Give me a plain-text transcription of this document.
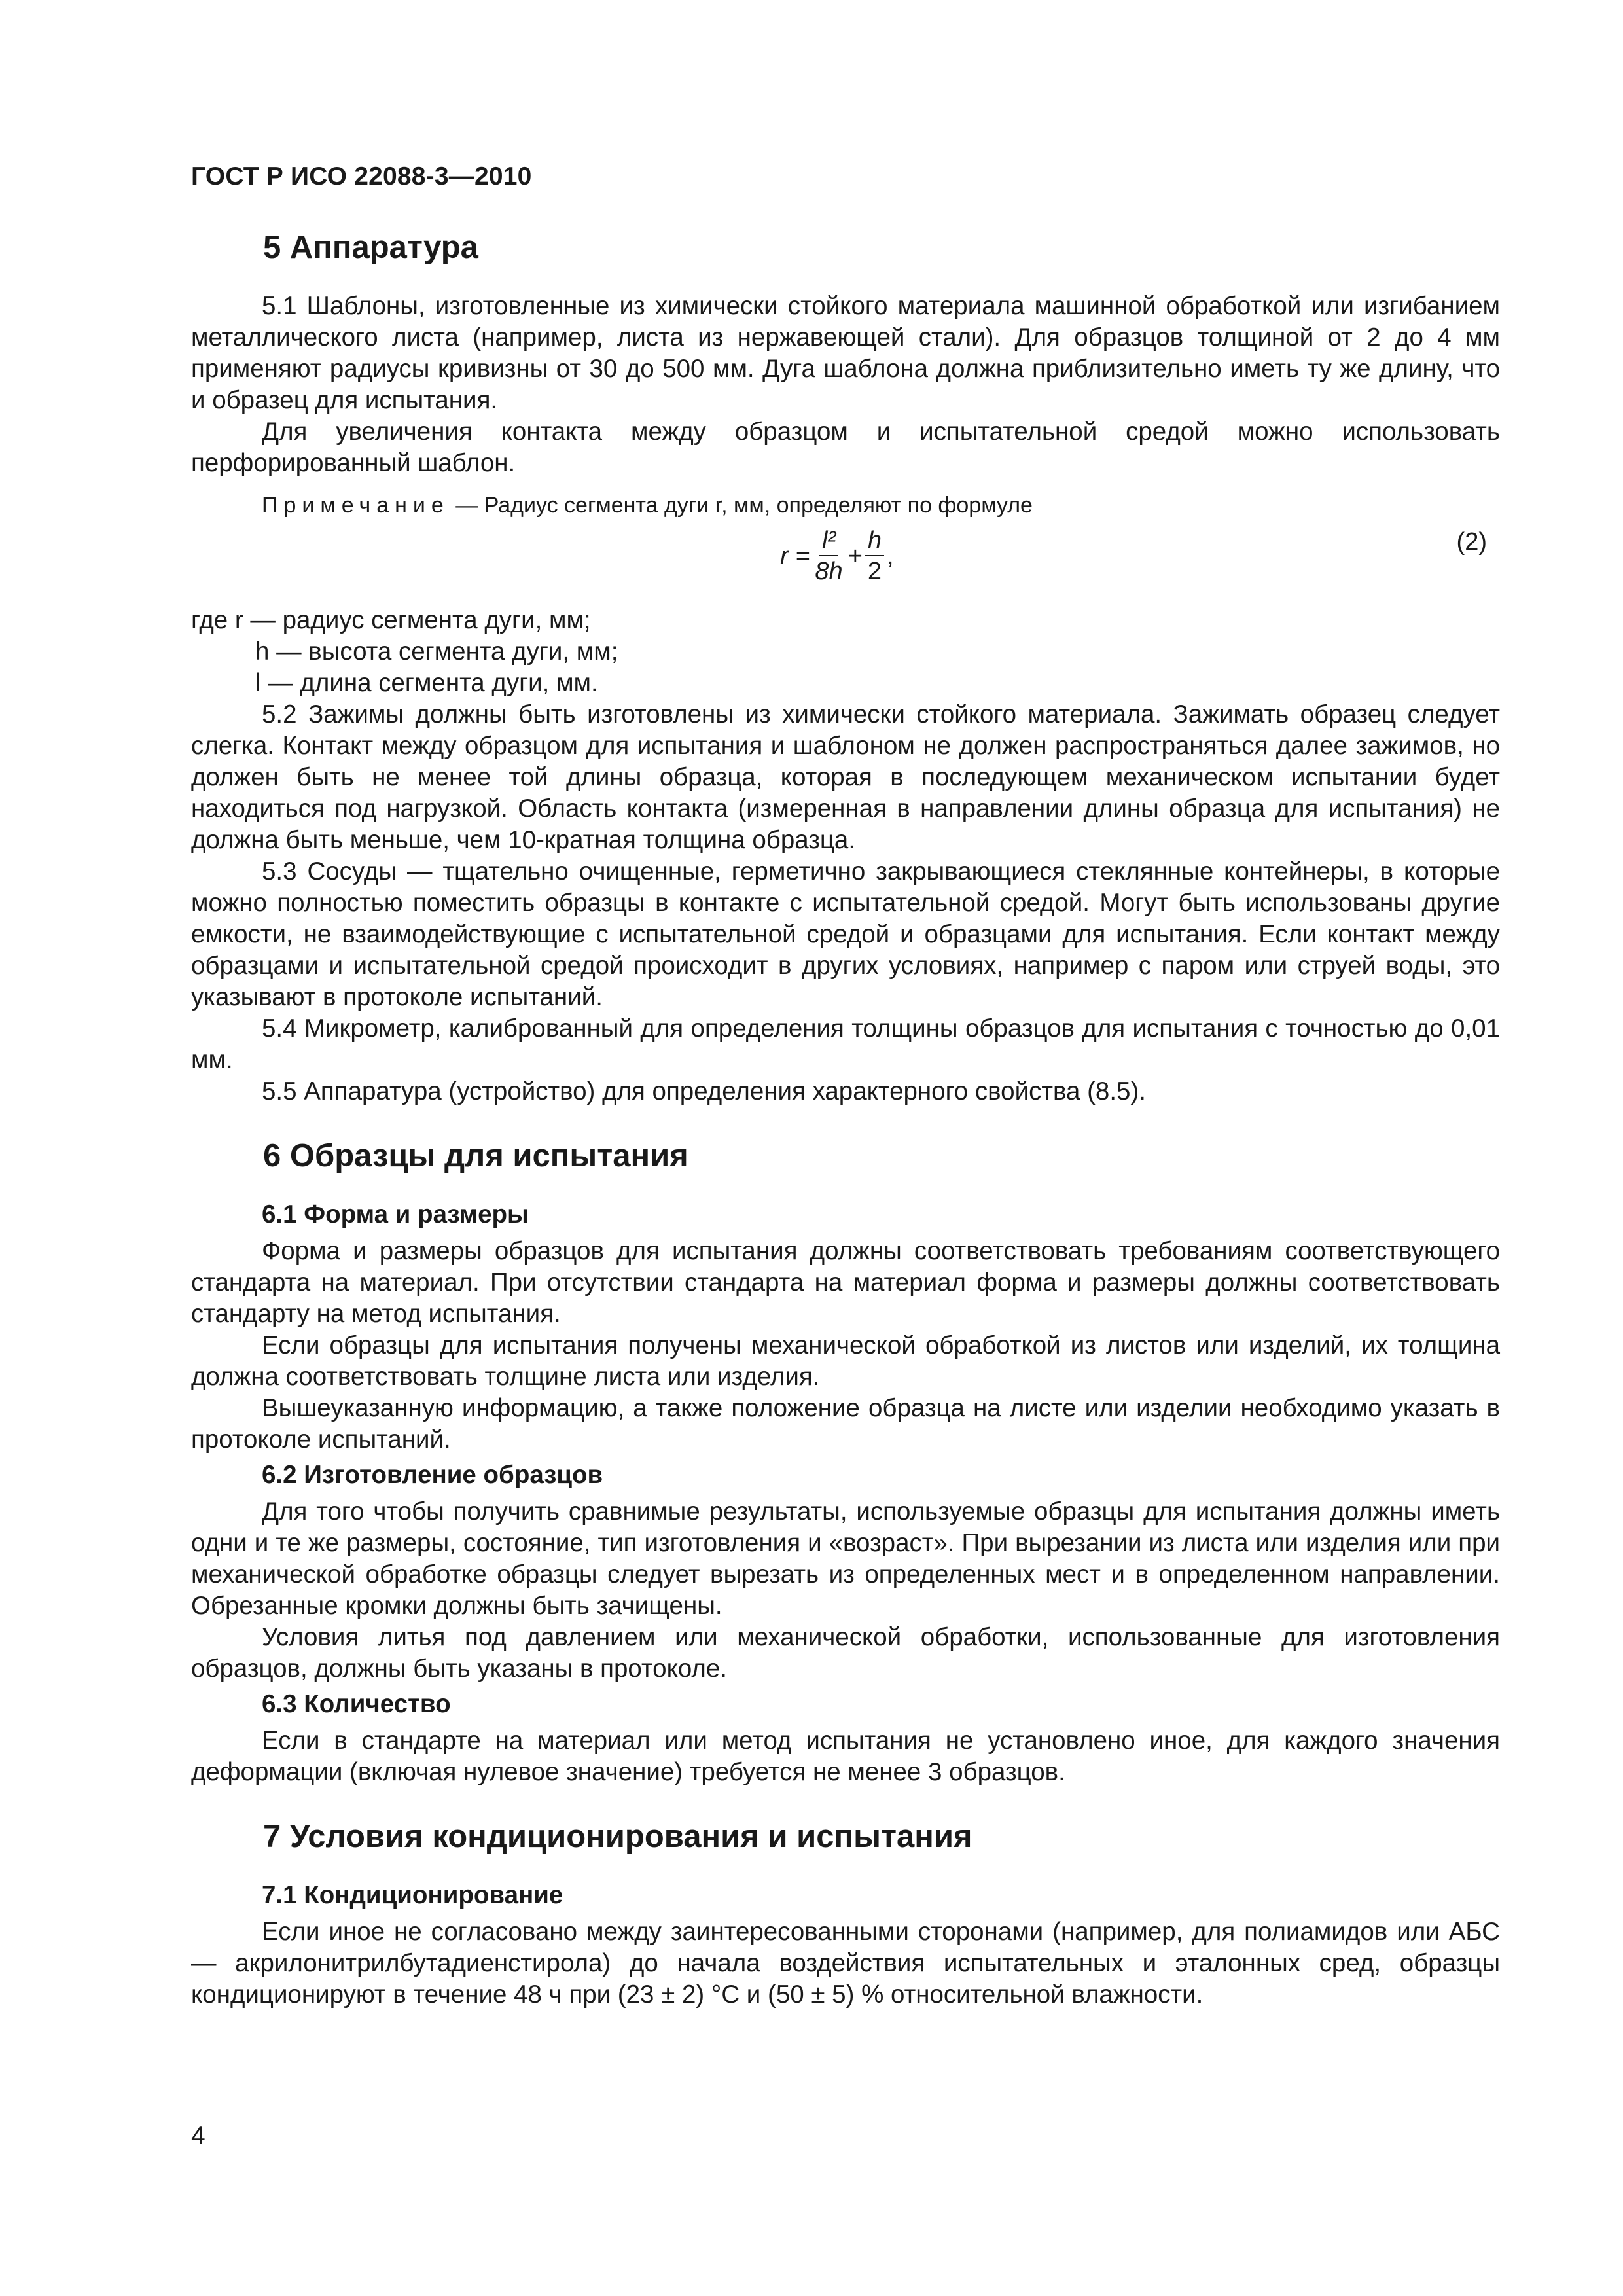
ГОСТ Р ИСО 22088-3—2010
5 Аппаратура

5.1 Шаблоны, изготовленные из химически стойкого материала машинной обработкой или изгибанием металлического листа (например, листа из нержавеющей стали). Для образцов толщиной от 2 до 4 мм применяют радиусы кривизны от 30 до 500 мм. Дуга шаблона должна приблизительно иметь ту же длину, что и образец для испытания.

Для увеличения контакта между образцом и испытательной средой можно использовать перфорированный шаблон.

Примечание — Радиус сегмента дуги r, мм, определяют по формуле

$r = \frac{\text{l²}}{8h} + \frac{h}{2}$ ,
(2)

где r — радиус сегмента дуги, мм;

h — высота сегмента дуги, мм;

l — длина сегмента дуги, мм.

5.2 Зажимы должны быть изготовлены из химически стойкого материала. Зажимать образец следует слегка. Контакт между образцом для испытания и шаблоном не должен распространяться далее зажимов, но должен быть не менее той длины образца, которая в последующем механическом испытании будет находиться под нагрузкой. Область контакта (измеренная в направлении длины образца для испытания) не должна быть меньше, чем 10-кратная толщина образца.

5.3 Сосуды — тщательно очищенные, герметично закрывающиеся стеклянные контейнеры, в которые можно полностью поместить образцы в контакте с испытательной средой. Могут быть использованы другие емкости, не взаимодействующие с испытательной средой и образцами для испытания. Если контакт между образцами и испытательной средой происходит в других условиях, например с паром или струей воды, это указывают в протоколе испытаний.

5.4 Микрометр, калиброванный для определения толщины образцов для испытания с точностью до 0,01 мм.

5.5 Аппаратура (устройство) для определения характерного свойства (8.5).

6 Образцы для испытания
6.1 Форма и размеры

Форма и размеры образцов для испытания должны соответствовать требованиям соответствующего стандарта на материал. При отсутствии стандарта на материал форма и размеры должны соответствовать стандарту на метод испытания.

Если образцы для испытания получены механической обработкой из листов или изделий, их толщина должна соответствовать толщине листа или изделия.

Вышеуказанную информацию, а также положение образца на листе или изделии необходимо указать в протоколе испытаний.

6.2 Изготовление образцов

Для того чтобы получить сравнимые результаты, используемые образцы для испытания должны иметь одни и те же размеры, состояние, тип изготовления и «возраст». При вырезании из листа или изделия или при механической обработке образцы следует вырезать из определенных мест и в определенном направлении. Обрезанные кромки должны быть зачищены.

Условия литья под давлением или механической обработки, использованные для изготовления образцов, должны быть указаны в протоколе.

6.3 Количество

Если в стандарте на материал или метод испытания не установлено иное, для каждого значения деформации (включая нулевое значение) требуется не менее 3 образцов.

7 Условия кондиционирования и испытания
7.1 Кондиционирование

Если иное не согласовано между заинтересованными сторонами (например, для полиамидов или АБС — акрилонитрилбутадиенстирола) до начала воздействия испытательных и эталонных сред, образцы кондиционируют в течение 48 ч при (23 ± 2) °С и (50 ± 5) % относительной влажности.

4
